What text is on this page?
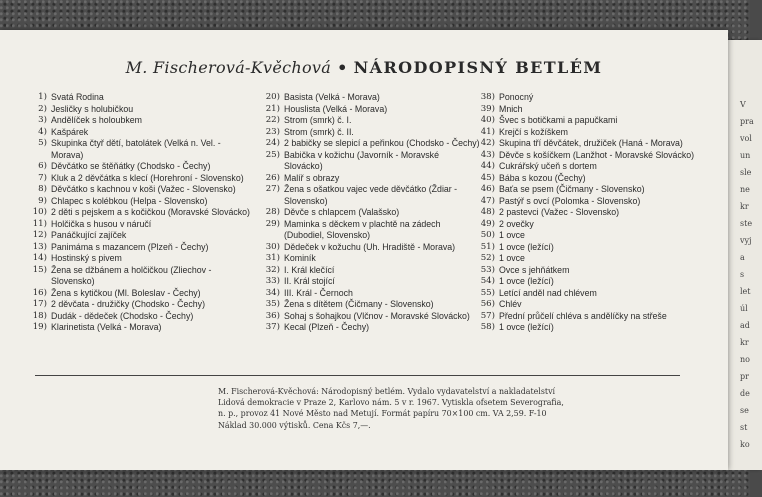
V
pra
vol
un
sle
ne
kr
ste
vyj
a
s
let
úl
ad
kr
no
pr
de
se
st
ko
M. Fischerová-Kvěchová • NÁRODOPISNÝ BETLÉM
1) Svatá Rodina
2) Jesličky s holubičkou
3) Andělíček s holoubkem
4) Kašpárek
5) Skupinka čtyř dětí, batolátek (Velká n. Vel. - Morava)
6) Děvčátko se štěňátky (Chodsko - Čechy)
7) Kluk a 2 děvčátka s klecí (Horehroní - Slovensko)
8) Děvčátko s kachnou v koši (Važec - Slovensko)
9) Chlapec s kolébkou (Helpa - Slovensko)
10) 2 děti s pejskem a s kočičkou (Moravské Slovácko)
11) Holčička s husou v náručí
12) Panáčkující zajíček
13) Panimáma s mazancem (Plzeň - Čechy)
14) Hostinský s pivem
15) Žena se džbánem a holčičkou (Zliechov - Slovensko)
16) Žena s kytičkou (Ml. Boleslav - Čechy)
17) 2 děvčata - družičky (Chodsko - Čechy)
18) Dudák - dědeček (Chodsko - Čechy)
19) Klarinetista (Velká - Morava)
20) Basista (Velká - Morava)
21) Houslista (Velká - Morava)
22) Strom (smrk) č. I.
23) Strom (smrk) č. II.
24) 2 babičky se slepicí a peřinkou (Chodsko - Čechy)
25) Babička v kožichu (Javorník - Moravské Slovácko)
26) Malíř s obrazy
27) Žena s ošatkou vajec vede děvčátko (Ždiar - Slovensko)
28) Děvče s chlapcem (Valašsko)
29) Maminka s děckem v plachtě na zádech (Dubodiel, Slovensko)
30) Dědeček v kožuchu (Uh. Hradiště - Morava)
31) Kominík
32) I. Král klečící
33) II. Král stojící
34) III. Král - Černoch
35) Žena s dítětem (Čičmany - Slovensko)
36) Sohaj s šohajkou (Vlčnov - Moravské Slovácko)
37) Kecal (Plzeň - Čechy)
38) Ponocný
39) Mnich
40) Švec s botičkami a papučkami
41) Krejčí s kožíškem
42) Skupina tří děvčátek, družiček (Haná - Morava)
43) Děvče s košíčkem (Lanžhot - Moravské Slovácko)
44) Cukrářský učeň s dortem
45) Bába s kozou (Čechy)
46) Baťa se psem (Čičmany - Slovensko)
47) Pastýř s ovcí (Polomka - Slovensko)
48) 2 pastevci (Važec - Slovensko)
49) 2 ovečky
50) 1 ovce
51) 1 ovce (ležící)
52) 1 ovce
53) Ovce s jehňátkem
54) 1 ovce (ležící)
55) Letící anděl nad chlévem
56) Chlév
57) Přední průčelí chléva s andělíčky na střeše
58) 1 ovce (ležící)
M. Fischerová-Kvěchová: Národopisný betlém. Vydalo vydavatelství a nakladatelství
Lidová demokracie v Praze 2, Karlovo nám. 5 v r. 1967. Vytiskla ofsetem Severografia,
n. p., provoz 41 Nové Město nad Metují. Formát papíru 70×100 cm. VA 2,59. F-10
Náklad 30.000 výtisků. Cena Kčs 7,—.
